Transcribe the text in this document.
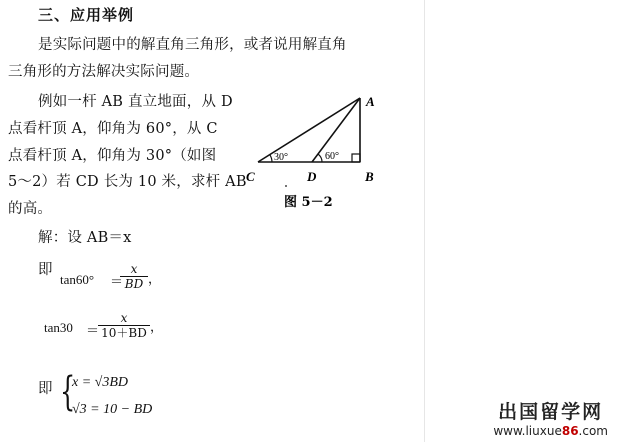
三、应用举例
是实际问题中的解直角三角形，或者说用解直角
三角形的方法解决实际问题。
例如一杆 AB 直立地面，从 D
点看杆顶 A，仰角为 60°，从 C
点看杆顶 A，仰角为 30°（如图
5～2）若 CD 长为 10 米，求杆 AB
的高。
30°	60°
A
B
C	D
图 5－2
解：设 AB＝x
即
tan60° ＝
x
BD ，
tan30 ＝
x
10＋BD ，
即 {
x = √3BD
√3 = 10 − BD	出国留学网
www.liuxue86.com
